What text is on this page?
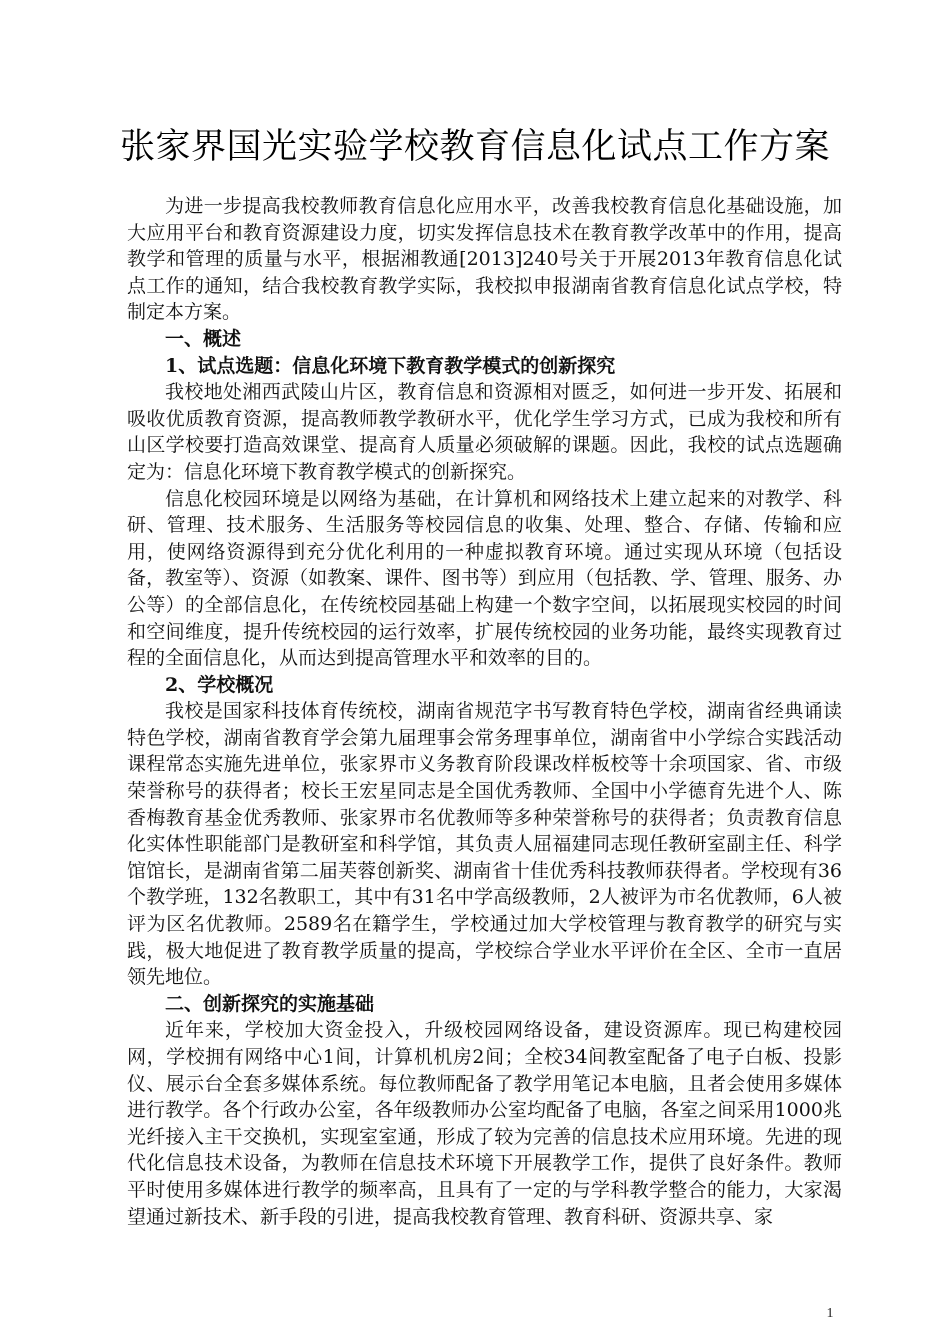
张家界国光实验学校教育信息化试点工作方案

为进一步提高我校教师教育信息化应用水平，改善我校教育信息化基础设施，加大应用平台和教育资源建设力度，切实发挥信息技术在教育教学改革中的作用，提高教学和管理的质量与水平，根据湘教通[2013]240号关于开展2013年教育信息化试点工作的通知，结合我校教育教学实际，我校拟申报湖南省教育信息化试点学校，特制定本方案。

一、概述

1、试点选题：信息化环境下教育教学模式的创新探究

我校地处湘西武陵山片区，教育信息和资源相对匮乏，如何进一步开发、拓展和吸收优质教育资源，提高教师教学教研水平，优化学生学习方式，已成为我校和所有山区学校要打造高效课堂、提高育人质量必须破解的课题。因此，我校的试点选题确定为：信息化环境下教育教学模式的创新探究。

信息化校园环境是以网络为基础，在计算机和网络技术上建立起来的对教学、科研、管理、技术服务、生活服务等校园信息的收集、处理、整合、存储、传输和应用，使网络资源得到充分优化利用的一种虚拟教育环境。通过实现从环境（包括设备，教室等）、资源（如教案、课件、图书等）到应用（包括教、学、管理、服务、办公等）的全部信息化，在传统校园基础上构建一个数字空间，以拓展现实校园的时间和空间维度，提升传统校园的运行效率，扩展传统校园的业务功能，最终实现教育过程的全面信息化，从而达到提高管理水平和效率的目的。

2、学校概况

我校是国家科技体育传统校，湖南省规范字书写教育特色学校，湖南省经典诵读特色学校，湖南省教育学会第九届理事会常务理事单位，湖南省中小学综合实践活动课程常态实施先进单位，张家界市义务教育阶段课改样板校等十余项国家、省、市级荣誉称号的获得者；校长王宏星同志是全国优秀教师、全国中小学德育先进个人、陈香梅教育基金优秀教师、张家界市名优教师等多种荣誉称号的获得者；负责教育信息化实体性职能部门是教研室和科学馆，其负责人屈福建同志现任教研室副主任、科学馆馆长，是湖南省第二届芙蓉创新奖、湖南省十佳优秀科技教师获得者。学校现有36个教学班，132名教职工，其中有31名中学高级教师，2人被评为市名优教师，6人被评为区名优教师。2589名在籍学生，学校通过加大学校管理与教育教学的研究与实践，极大地促进了教育教学质量的提高，学校综合学业水平评价在全区、全市一直居领先地位。

二、创新探究的实施基础

近年来，学校加大资金投入，升级校园网络设备，建设资源库。现已构建校园网，学校拥有网络中心1间，计算机机房2间；全校34间教室配备了电子白板、投影仪、展示台全套多媒体系统。每位教师配备了教学用笔记本电脑，且者会使用多媒体进行教学。各个行政办公室，各年级教师办公室均配备了电脑，各室之间采用1000兆光纤接入主干交换机，实现室室通，形成了较为完善的信息技术应用环境。先进的现代化信息技术设备，为教师在信息技术环境下开展教学工作，提供了良好条件。教师平时使用多媒体进行教学的频率高，且具有了一定的与学科教学整合的能力，大家渴望通过新技术、新手段的引进，提高我校教育管理、教育科研、资源共享、家

1
